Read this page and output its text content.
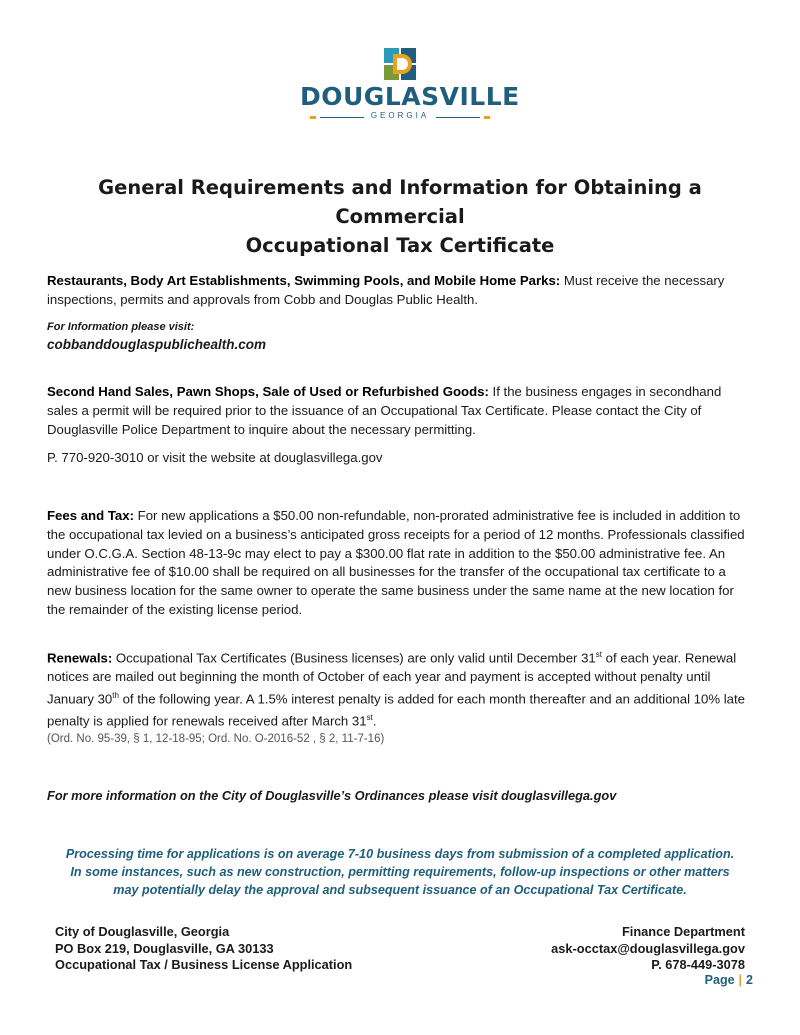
DOUGLASVILLE
GEORGIA
General Requirements and Information for Obtaining a Commercial
Occupational Tax Certificate
Restaurants, Body Art Establishments, Swimming Pools, and Mobile Home Parks: Must receive the necessary inspections, permits and approvals from Cobb and Douglas Public Health.
For Information please visit:
cobbanddouglaspublichealth.com
Second Hand Sales, Pawn Shops, Sale of Used or Refurbished Goods: If the business engages in secondhand sales a permit will be required prior to the issuance of an Occupational Tax Certificate. Please contact the City of Douglasville Police Department to inquire about the necessary permitting.
P. 770-920-3010 or visit the website at douglasvillega.gov
Fees and Tax: For new applications a $50.00 non-refundable, non-prorated administrative fee is included in addition to the occupational tax levied on a business’s anticipated gross receipts for a period of 12 months. Professionals classified under O.C.G.A. Section 48-13-9c may elect to pay a $300.00 flat rate in addition to the $50.00 administrative fee. An administrative fee of $10.00 shall be required on all businesses for the transfer of the occupational tax certificate to a new business location for the same owner to operate the same business under the same name at the new location for the remainder of the existing license period.
Renewals: Occupational Tax Certificates (Business licenses) are only valid until December 31st of each year. Renewal notices are mailed out beginning the month of October of each year and payment is accepted without penalty until January 30th of the following year. A 1.5% interest penalty is added for each month thereafter and an additional 10% late penalty is applied for renewals received after March 31st.
(Ord. No. 95-39, § 1, 12-18-95; Ord. No. O-2016-52 , § 2, 11-7-16)
For more information on the City of Douglasville’s Ordinances please visit douglasvillega.gov
Processing time for applications is on average 7-10 business days from submission of a completed application.
In some instances, such as new construction, permitting requirements, follow-up inspections or other matters
may potentially delay the approval and subsequent issuance of an Occupational Tax Certificate.
City of Douglasville, Georgia
PO Box 219, Douglasville, GA 30133
Occupational Tax / Business License Application
Finance Department
ask-occtax@douglasvillega.gov
P. 678-449-3078
Page | 2
